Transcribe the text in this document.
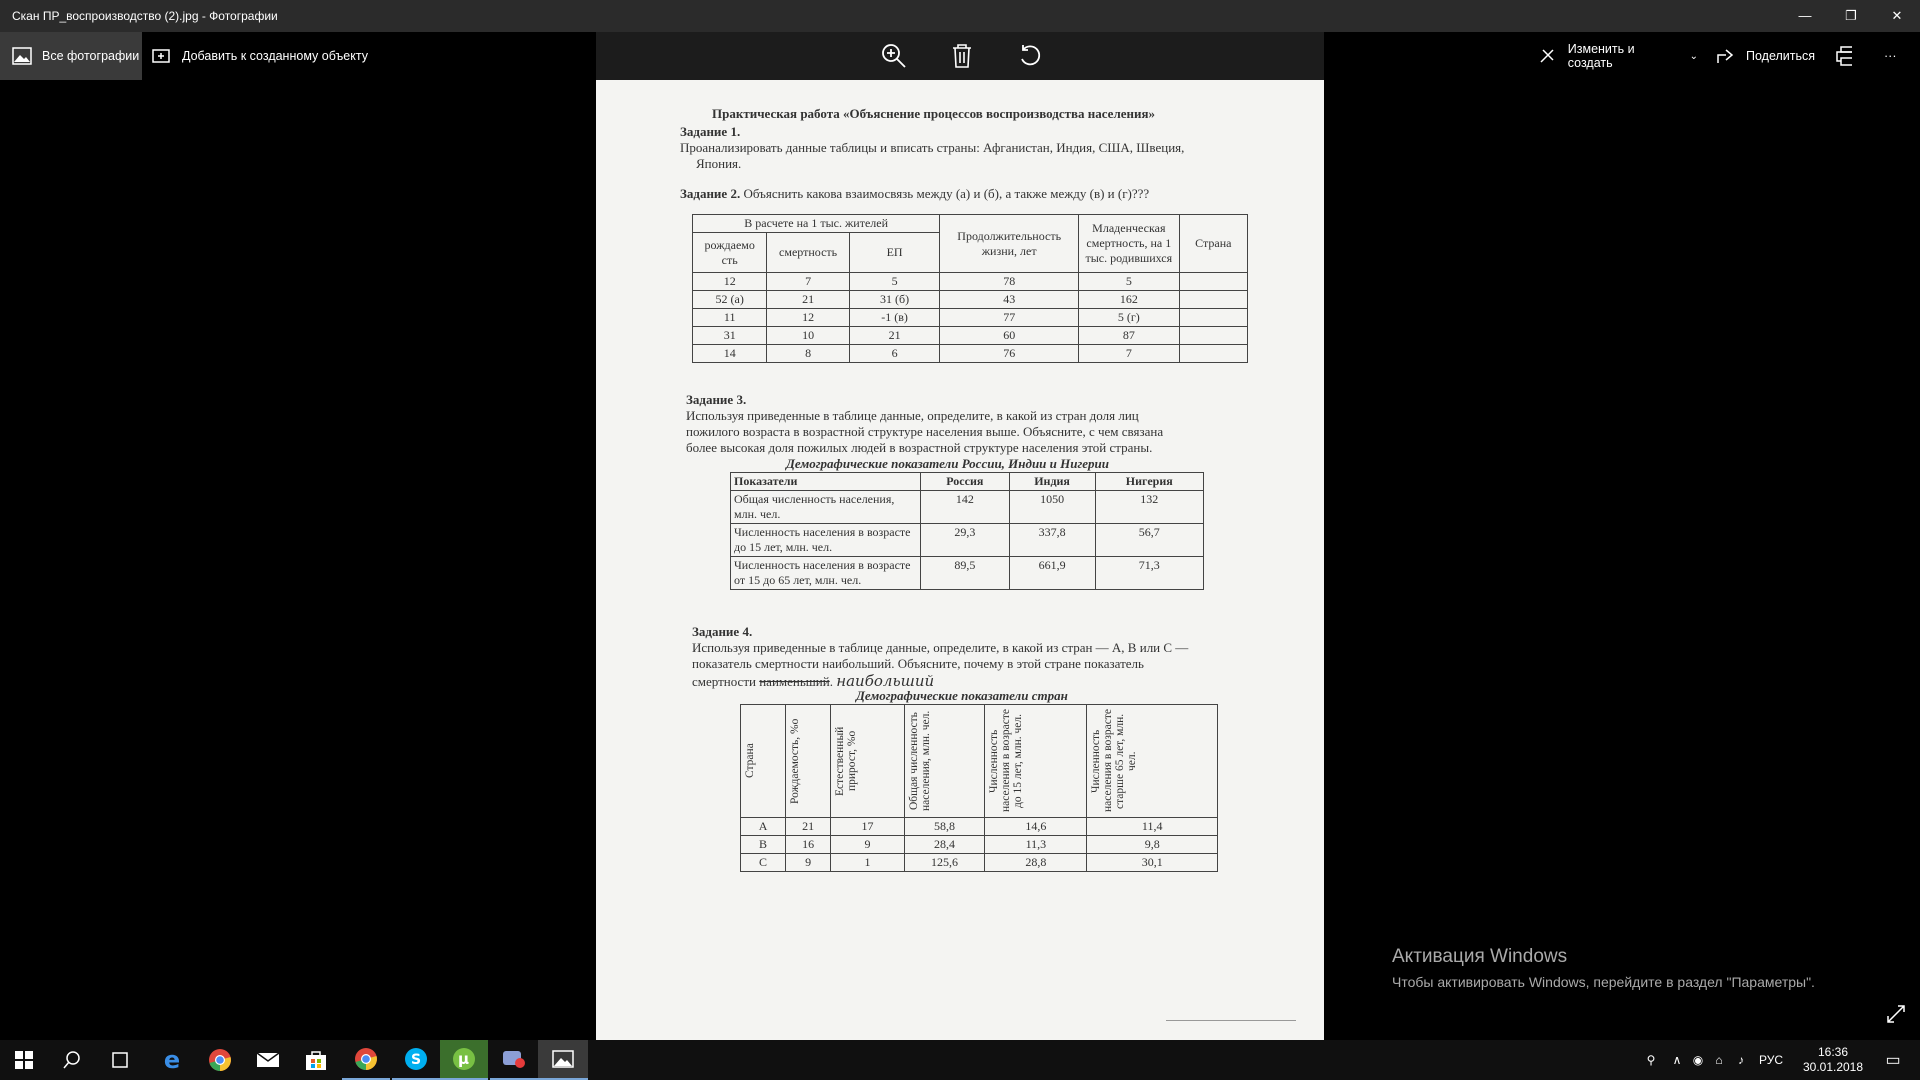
Скан ПР_воспроизводство (2).jpg - Фотографии	—	❐	✕
Все фотографии	Добавить к созданному объекту	Изменить и создать	⌄	Поделиться	···
Практическая работа «Объяснение процессов воспроизводства населения»
Задание 1.
Проанализировать данные таблицы и вписать страны: Афганистан, Индия, США, Швеция,
Япония.
Задание 2. Объяснить какова взаимосвязь между (а) и (б), а также между (в) и (г)???
В расчете на 1 тыс. жителей			Продолжительность жизни, лет	Младенческая смертность, на 1 тыс. родившихся	Страна
рождаемо сть	смертность	ЕП			
12	7	5	78	5	
52 (а)	21	31 (б)	43	162	
11	12	-1 (в)	77	5 (г)	
31	10	21	60	87	
14	8	6	76	7	
Задание 3.
Используя приведенные в таблице данные, определите, в какой из стран доля лиц
пожилого возраста в возрастной структуре населения выше. Объясните, с чем связана
более высокая доля пожилых людей в возрастной структуре населения этой страны.
Демографические показатели России, Индии и Нигерии
Показатели	Россия	Индия	Нигерия
Общая численность населения, млн. чел.	142	1050	132
Численность населения в возрасте до 15 лет, млн. чел.	29,3	337,8	56,7
Численность населения в возрасте от 15 до 65 лет, млн. чел.	89,5	661,9	71,3
Задание 4.
Используя приведенные в таблице данные, определите, в какой из стран — А, В или С —
показатель смертности наибольший. Объясните, почему в этой стране показатель
смертности наименьший. наибольший
Демографические показатели стран
Страна	Рождаемость, %о	Естественный прирост, %о	Общая численность населения, млн. чел.	Численность населения в возрасте до 15 лет, млн. чел.	Численность населения в возрасте старше 65 лет, млн. чел.

А	21	17	58,8	14,6	11,4
В	16	9	28,4	11,3	9,8
С	9	1	125,6	28,8	30,1
Активация Windows
Чтобы активировать Windows, перейдите в раздел "Параметры".
e	S µ	⚲	∧ ◉	⌂	♪	РУС
16:36
30.01.2018	▭
